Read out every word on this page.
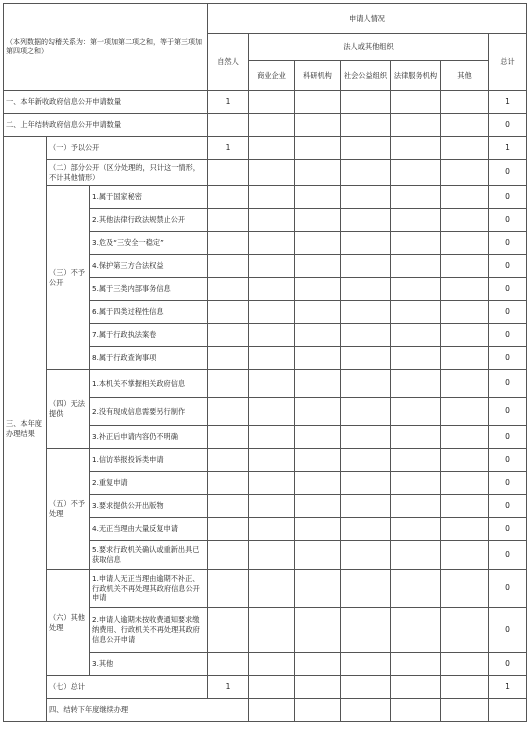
（本列数据的勾稽关系为：第一项加第二项之和，等于第三项加第四项之和）			申请人情况							
			自然人	法人或其他组织					总计	
				商业企业	科研机构	社会公益组织	法律服务机构	其他		
一、本年新收政府信息公开申请数量			1						1	
二、上年结转政府信息公开申请数量									0	
三、本年度办理结果	（一）予以公开		1						1	
	（二）部分公开（区分处理的，只计这一情形，不计其他情形）								0	
	（三）不予公开	1.属于国家秘密							0	
		2.其他法律行政法规禁止公开							0	
		3.危及“三安全一稳定”							0	
		4.保护第三方合法权益							0	
		5.属于三类内部事务信息							0	
		6.属于四类过程性信息							0	
		7.属于行政执法案卷							0	
		8.属于行政查询事项							0	
	（四）无法提供	1.本机关不掌握相关政府信息							0	
		2.没有现成信息需要另行制作							0	
		3.补正后申请内容仍不明确							0	
	（五）不予处理	1.信访举报投诉类申请							0	
		2.重复申请							0	
		3.要求提供公开出版物							0	
		4.无正当理由大量反复申请							0	
		5.要求行政机关确认或重新出具已获取信息							0	
	（六）其他处理	1.申请人无正当理由逾期不补正、行政机关不再处理其政府信息公开申请							0	
		2.申请人逾期未按收费通知要求缴纳费用、行政机关不再处理其政府信息公开申请							0	
		3.其他							0	
	（七）总计		1						1	
	四、结转下年度继续办理							
